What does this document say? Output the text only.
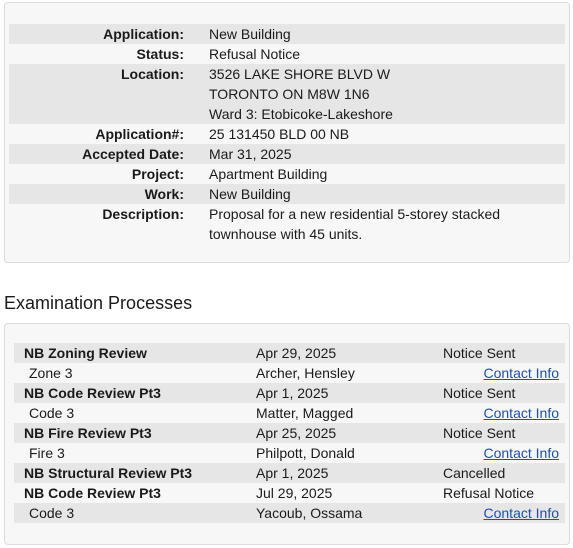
Application: New Building
Status: Refusal Notice
Location: 3526 LAKE SHORE BLVD W
TORONTO ON M8W 1N6
Ward 3: Etobicoke-Lakeshore
Application#: 25 131450 BLD 00 NB
Accepted Date: Mar 31, 2025
Project: Apartment Building
Work: New Building
Description: Proposal for a new residential 5-storey stacked
townhouse with 45 units.
Examination Processes
NB Zoning Review	Apr 29, 2025	Notice Sent
Zone 3	Archer, Hensley	Contact Info
NB Code Review Pt3	Apr 1, 2025	Notice Sent
Code 3	Matter, Magged	Contact Info
NB Fire Review Pt3	Apr 25, 2025	Notice Sent
Fire 3	Philpott, Donald	Contact Info
NB Structural Review Pt3	Apr 1, 2025	Cancelled
NB Code Review Pt3	Jul 29, 2025	Refusal Notice
Code 3	Yacoub, Ossama	Contact Info
